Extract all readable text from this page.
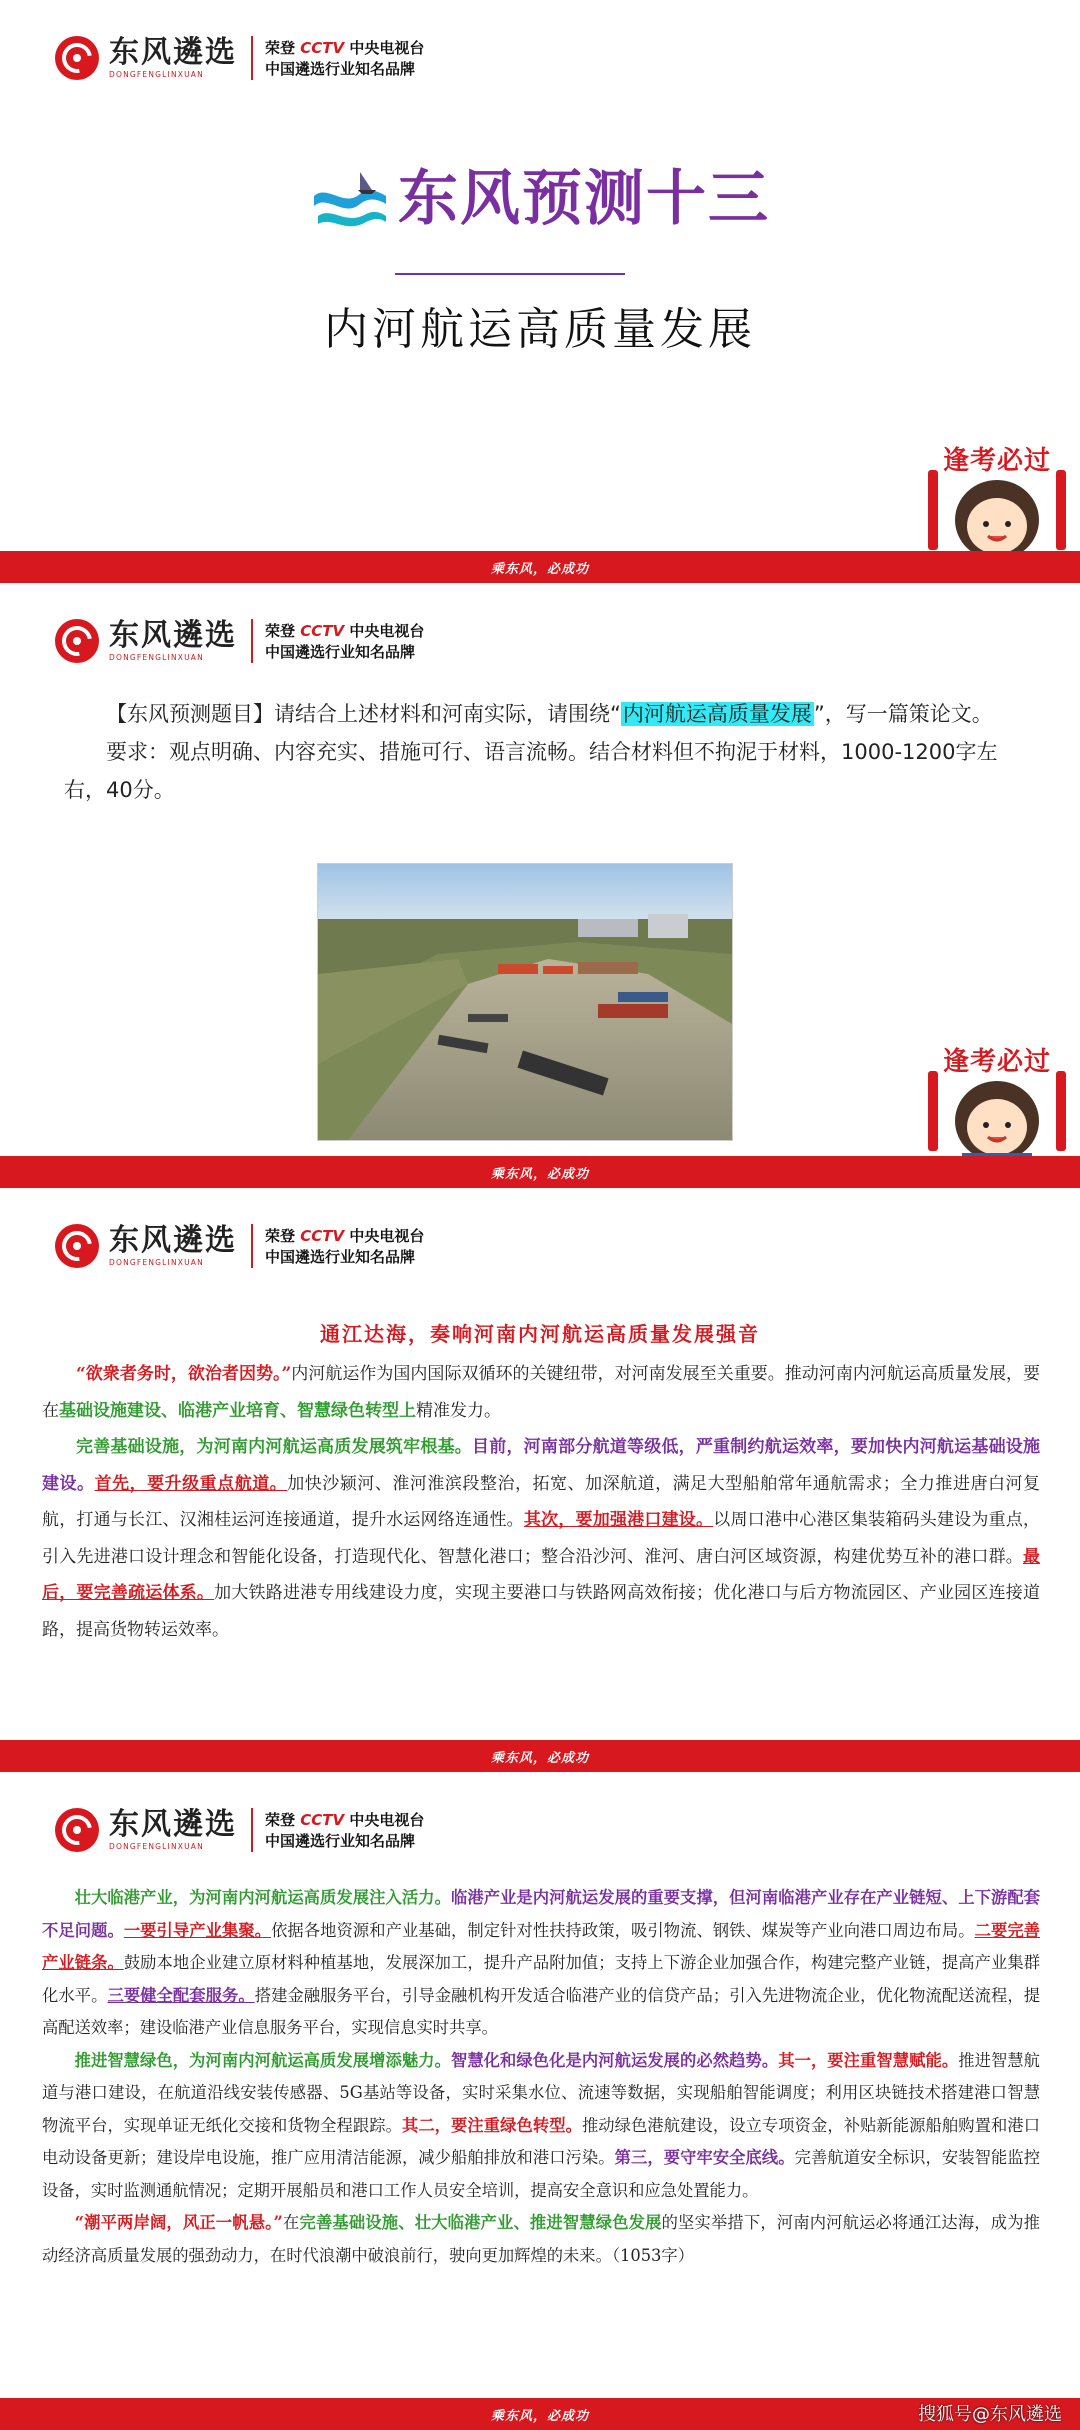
东风遴选
DONGFENGLINXUAN
荣登 CCTV 中央电视台
中国遴选行业知名品牌
东风预测十三
内河航运高质量发展
逢考必过
乘东风，必成功
东风遴选
DONGFENGLINXUAN
荣登 CCTV 中央电视台
中国遴选行业知名品牌

【东风预测题目】请结合上述材料和河南实际，请围绕“内河航运高质量发展”，写一篇策论文。

要求：观点明确、内容充实、措施可行、语言流畅。结合材料但不拘泥于材料，1000-1200字左右，40分。

逢考必过
乘东风，必成功
东风遴选
DONGFENGLINXUAN
荣登 CCTV 中央电视台
中国遴选行业知名品牌
通江达海，奏响河南内河航运高质量发展强音

“欲衆者务时，欲治者因势。”内河航运作为国内国际双循环的关键纽带，对河南发展至关重要。推动河南内河航运高质量发展，要在基础设施建设、临港产业培育、智慧绿色转型上精准发力。

完善基础设施，为河南内河航运高质发展筑牢根基。目前，河南部分航道等级低，严重制约航运效率，要加快内河航运基础设施建设。首先，要升级重点航道。加快沙颍河、淮河淮滨段整治，拓宽、加深航道，满足大型船舶常年通航需求；全力推进唐白河复航，打通与长江、汉湘桂运河连接通道，提升水运网络连通性。其次，要加强港口建设。以周口港中心港区集装箱码头建设为重点，引入先进港口设计理念和智能化设备，打造现代化、智慧化港口；整合沿沙河、淮河、唐白河区域资源，构建优势互补的港口群。最后，要完善疏运体系。加大铁路进港专用线建设力度，实现主要港口与铁路网高效衔接；优化港口与后方物流园区、产业园区连接道路，提高货物转运效率。

乘东风，必成功
东风遴选
DONGFENGLINXUAN
荣登 CCTV 中央电视台
中国遴选行业知名品牌

壮大临港产业，为河南内河航运高质发展注入活力。临港产业是内河航运发展的重要支撑，但河南临港产业存在产业链短、上下游配套不足问题。一要引导产业集聚。依据各地资源和产业基础，制定针对性扶持政策，吸引物流、钢铁、煤炭等产业向港口周边布局。二要完善产业链条。鼓励本地企业建立原材料种植基地，发展深加工，提升产品附加值；支持上下游企业加强合作，构建完整产业链，提高产业集群化水平。三要健全配套服务。搭建金融服务平台，引导金融机构开发适合临港产业的信贷产品；引入先进物流企业，优化物流配送流程，提高配送效率；建设临港产业信息服务平台，实现信息实时共享。

推进智慧绿色，为河南内河航运高质发展增添魅力。智慧化和绿色化是内河航运发展的必然趋势。其一，要注重智慧赋能。推进智慧航道与港口建设，在航道沿线安装传感器、5G基站等设备，实时采集水位、流速等数据，实现船舶智能调度；利用区块链技术搭建港口智慧物流平台，实现单证无纸化交接和货物全程跟踪。其二，要注重绿色转型。推动绿色港航建设，设立专项资金，补贴新能源船舶购置和港口电动设备更新；建设岸电设施，推广应用清洁能源，减少船舶排放和港口污染。第三，要守牢安全底线。完善航道安全标识，安装智能监控设备，实时监测通航情况；定期开展船员和港口工作人员安全培训，提高安全意识和应急处置能力。

“潮平两岸阔，风正一帆悬。”在完善基础设施、壮大临港产业、推进智慧绿色发展的坚实举措下，河南内河航运必将通江达海，成为推动经济高质量发展的强劲动力，在时代浪潮中破浪前行，驶向更加辉煌的未来。（1053字）

乘东风，必成功	搜狐号@东风遴选
